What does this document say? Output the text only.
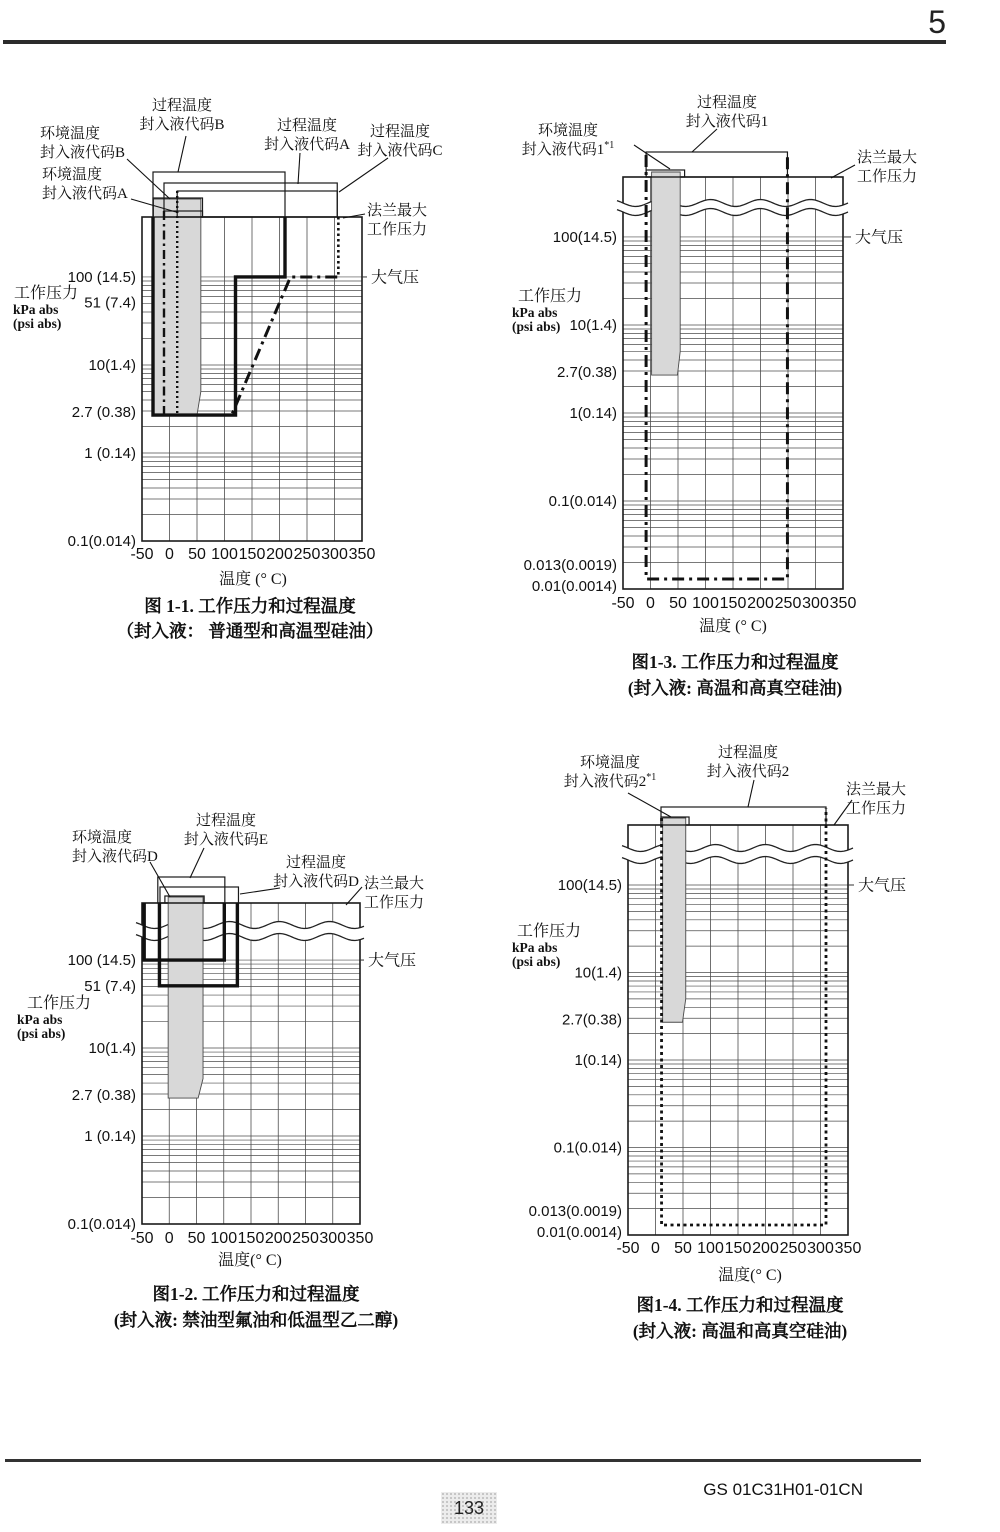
5
大气压
100 (14.5)
51 (7.4)
10(1.4)
2.7 (0.38)
1 (0.14)
0.1(0.014)
-50 0 50 100 150 200 250 300 350
温度 (° C)
工作压力
kPa abs
(psi abs)
过程温度
封入液代码B
环境温度
封入液代码B
环境温度
封入液代码A
过程温度
封入液代码A
过程温度
封入液代码C
法兰最大
工作压力
图 1-1. 工作压力和过程温度
（封入液： 普通型和高温型硅油）
大气压
100(14.5)
10(1.4)
2.7(0.38)
1(0.14)
0.1(0.014)
0.013(0.0019)
0.01(0.0014)
-50 0 50 100 150 200 250 300 350
温度 (° C)
工作压力
kPa abs
(psi abs)
过程温度
封入液代码1
环境温度
封入液代码1$^{*1}$
法兰最大
工作压力
图1-3. 工作压力和过程温度
(封入液: 高温和高真空硅油)
大气压
100 (14.5)
51 (7.4)
10(1.4)
2.7 (0.38)
1 (0.14)
0.1(0.014)
-50 0 50 100 150 200 250 300 350
温度(° C)
工作压力
kPa abs
(psi abs)
环境温度
封入液代码D
过程温度
封入液代码E
过程温度
封入液代码D 法兰最大
工作压力
图1-2. 工作压力和过程温度
(封入液: 禁油型氟油和低温型乙二醇)
大气压
100(14.5)
10(1.4)
2.7(0.38)
1(0.14)
0.1(0.014)
0.013(0.0019)
0.01(0.0014)
-50 0 50 100 150 200 250 300 350
温度(° C)
工作压力
kPa abs
(psi abs)
环境温度
封入液代码2$^{*1}$
过程温度
封入液代码2
法兰最大
工作压力
图1-4. 工作压力和过程温度
(封入液: 高温和高真空硅油)
GS 01C31H01-01CN
133
